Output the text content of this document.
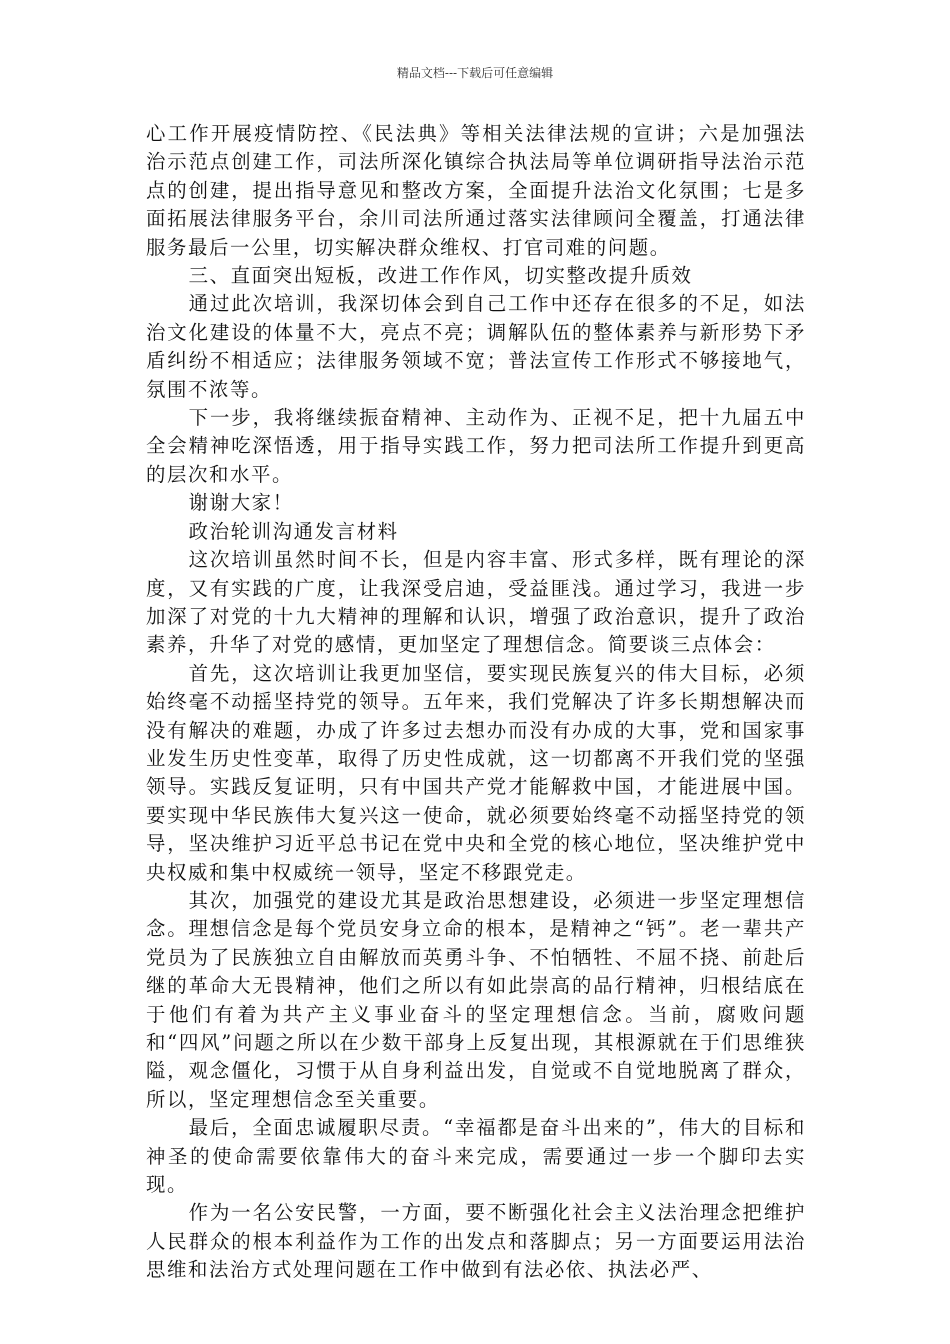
精品文档---下载后可任意编辑

心工作开展疫情防控、《民法典》等相关法律法规的宣讲；六是加强法治示范点创建工作，司法所深化镇综合执法局等单位调研指导法治示范点的创建，提出指导意见和整改方案，全面提升法治文化氛围；七是多面拓展法律服务平台，余川司法所通过落实法律顾问全覆盖，打通法律服务最后一公里，切实解决群众维权、打官司难的问题。

三、直面突出短板，改进工作作风，切实整改提升质效

通过此次培训，我深切体会到自己工作中还存在很多的不足，如法治文化建设的体量不大，亮点不亮；调解队伍的整体素养与新形势下矛盾纠纷不相适应；法律服务领域不宽；普法宣传工作形式不够接地气，氛围不浓等。

下一步，我将继续振奋精神、主动作为、正视不足，把十九届五中全会精神吃深悟透，用于指导实践工作，努力把司法所工作提升到更高的层次和水平。

谢谢大家！

政治轮训沟通发言材料

这次培训虽然时间不长，但是内容丰富、形式多样，既有理论的深度，又有实践的广度，让我深受启迪，受益匪浅。通过学习，我进一步加深了对党的十九大精神的理解和认识，增强了政治意识，提升了政治素养，升华了对党的感情，更加坚定了理想信念。简要谈三点体会：

首先，这次培训让我更加坚信，要实现民族复兴的伟大目标，必须始终毫不动摇坚持党的领导。五年来，我们党解决了许多长期想解决而没有解决的难题，办成了许多过去想办而没有办成的大事，党和国家事业发生历史性变革，取得了历史性成就，这一切都离不开我们党的坚强领导。实践反复证明，只有中国共产党才能解救中国，才能进展中国。要实现中华民族伟大复兴这一使命，就必须要始终毫不动摇坚持党的领导，坚决维护习近平总书记在党中央和全党的核心地位，坚决维护党中央权威和集中权威统一领导，坚定不移跟党走。

其次，加强党的建设尤其是政治思想建设，必须进一步坚定理想信念。理想信念是每个党员安身立命的根本，是精神之“钙”。老一辈共产党员为了民族独立自由解放而英勇斗争、不怕牺牲、不屈不挠、前赴后继的革命大无畏精神，他们之所以有如此崇高的品行精神，归根结底在于他们有着为共产主义事业奋斗的坚定理想信念。当前，腐败问题和“四风”问题之所以在少数干部身上反复出现，其根源就在于们思维狭隘，观念僵化，习惯于从自身利益出发，自觉或不自觉地脱离了群众，所以，坚定理想信念至关重要。

最后，全面忠诚履职尽责。“幸福都是奋斗出来的”，伟大的目标和神圣的使命需要依靠伟大的奋斗来完成，需要通过一步一个脚印去实现。

作为一名公安民警，一方面，要不断强化社会主义法治理念把维护人民群众的根本利益作为工作的出发点和落脚点；另一方面要运用法治思维和法治方式处理问题在工作中做到有法必依、执法必严、
